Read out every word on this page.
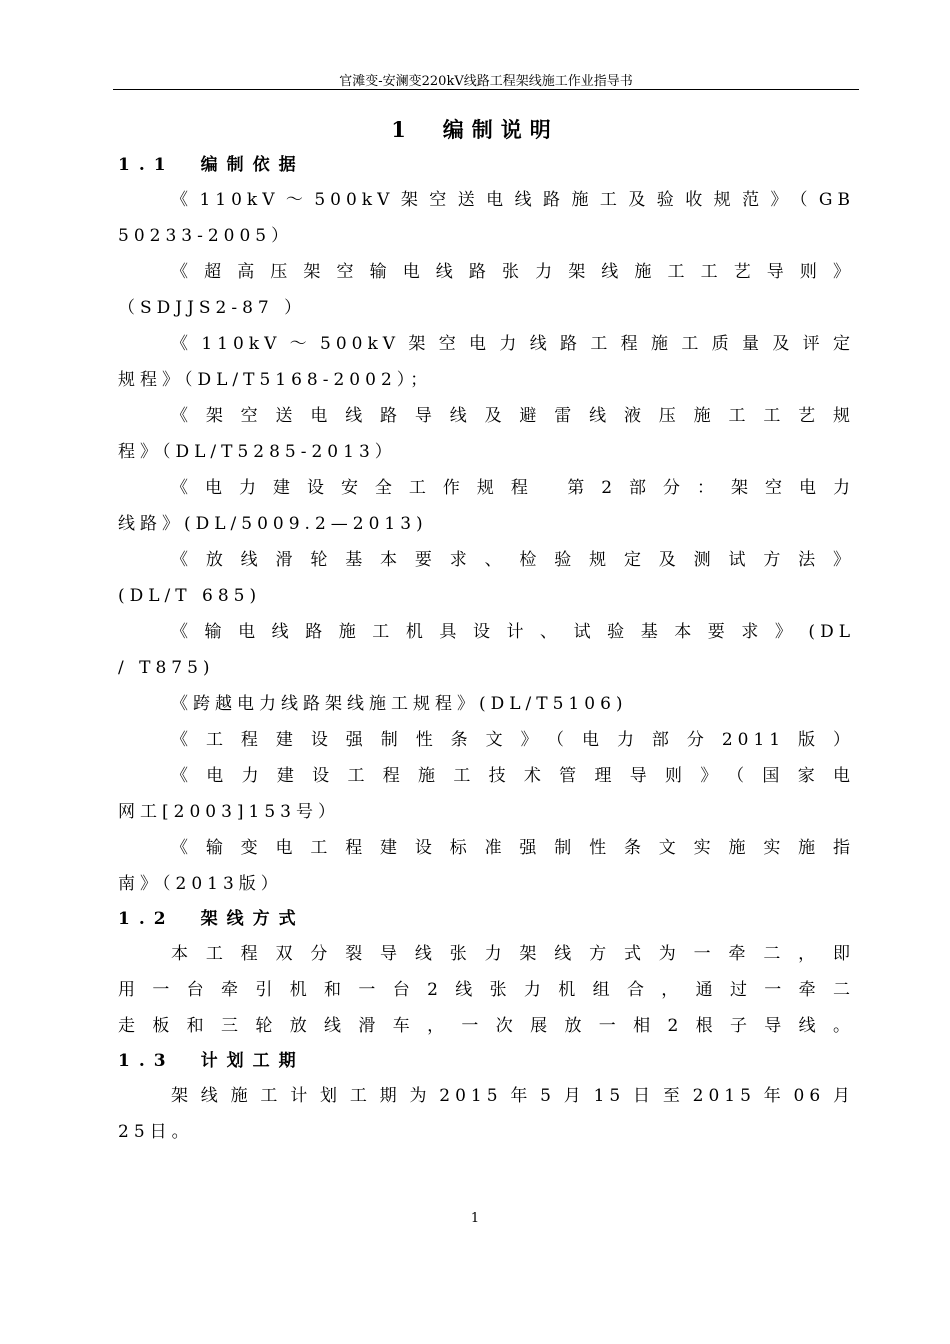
官滩变-安澜变220kV线路工程架线施工作业指导书
1　编制说明
1.1　编制依据
《110kV～500kV架空送电线路施工及验收规范》（GB
50233-2005）
《超高压架空输电线路张力架线施工工艺导则》
（SDJJS2-87 ）
《110kV～500kV架空电力线路工程施工质量及评定
规程》（DL/T5168-2002）；
《架空送电线路导线及避雷线液压施工工艺规
程》（DL/T5285-2013）
《电力建设安全工作规程 第2部分：架空电力
线路》(DL/5009.2—2013)
《放线滑轮基本要求、检验规定及测试方法》
(DL/T 685)
《输电线路施工机具设计、试验基本要求》(DL
/ T875)
《跨越电力线路架线施工规程》(DL/T5106)
《工程建设强制性条文》（电力部分2011版）
《电力建设工程施工技术管理导则》（国家电
网工[2003]153号）
《输变电工程建设标准强制性条文实施实施指
南》（2013版）
1.2　架线方式
本工程双分裂导线张力架线方式为一牵二，即
用一台牵引机和一台2线张力机组合，通过一牵二
走板和三轮放线滑车，一次展放一相2根子导线。
1.3　计划工期
架线施工计划工期为2015年5月15日至2015年06月
25日。
1
